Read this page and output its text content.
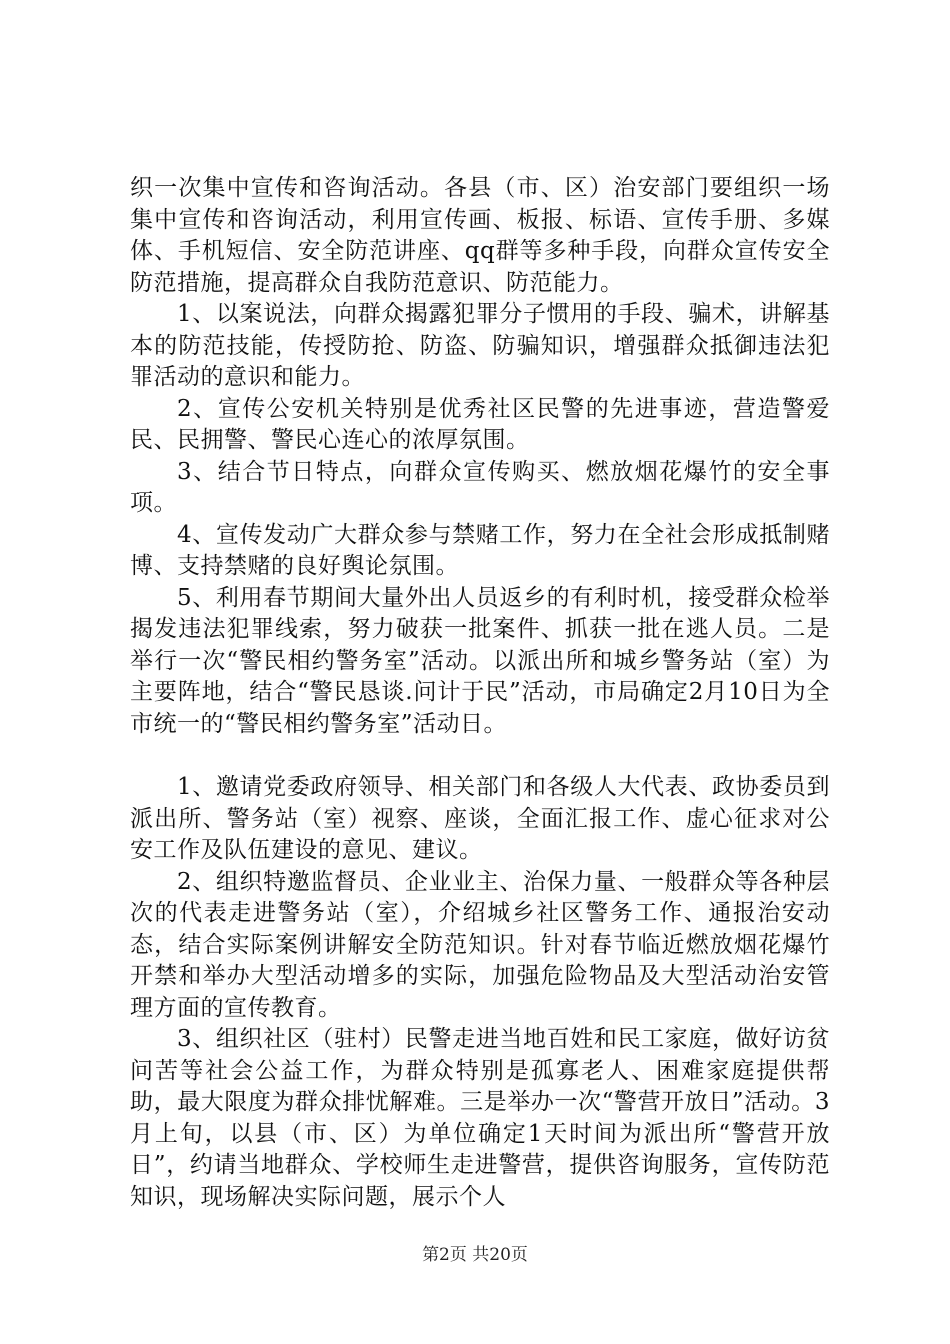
织一次集中宣传和咨询活动。各县（市、区）治安部门要组织一场集中宣传和咨询活动，利用宣传画、板报、标语、宣传手册、多媒体、手机短信、安全防范讲座、qq群等多种手段，向群众宣传安全防范措施，提高群众自我防范意识、防范能力。

1、以案说法，向群众揭露犯罪分子惯用的手段、骗术，讲解基本的防范技能，传授防抢、防盗、防骗知识，增强群众抵御违法犯罪活动的意识和能力。

2、宣传公安机关特别是优秀社区民警的先进事迹，营造警爱民、民拥警、警民心连心的浓厚氛围。

3、结合节日特点，向群众宣传购买、燃放烟花爆竹的安全事项。

4、宣传发动广大群众参与禁赌工作，努力在全社会形成抵制赌博、支持禁赌的良好舆论氛围。

5、利用春节期间大量外出人员返乡的有利时机，接受群众检举揭发违法犯罪线索，努力破获一批案件、抓获一批在逃人员。二是举行一次“警民相约警务室”活动。以派出所和城乡警务站（室）为主要阵地，结合“警民恳谈.问计于民”活动，市局确定2月10日为全市统一的“警民相约警务室”活动日。

1、邀请党委政府领导、相关部门和各级人大代表、政协委员到派出所、警务站（室）视察、座谈，全面汇报工作、虚心征求对公安工作及队伍建设的意见、建议。

2、组织特邀监督员、企业业主、治保力量、一般群众等各种层次的代表走进警务站（室），介绍城乡社区警务工作、通报治安动态，结合实际案例讲解安全防范知识。针对春节临近燃放烟花爆竹开禁和举办大型活动增多的实际，加强危险物品及大型活动治安管理方面的宣传教育。

3、组织社区（驻村）民警走进当地百姓和民工家庭，做好访贫问苦等社会公益工作，为群众特别是孤寡老人、困难家庭提供帮助，最大限度为群众排忧解难。三是举办一次“警营开放日”活动。3月上旬，以县（市、区）为单位确定1天时间为派出所“警营开放日”，约请当地群众、学校师生走进警营，提供咨询服务，宣传防范知识，现场解决实际问题，展示个人

第2页 共20页
